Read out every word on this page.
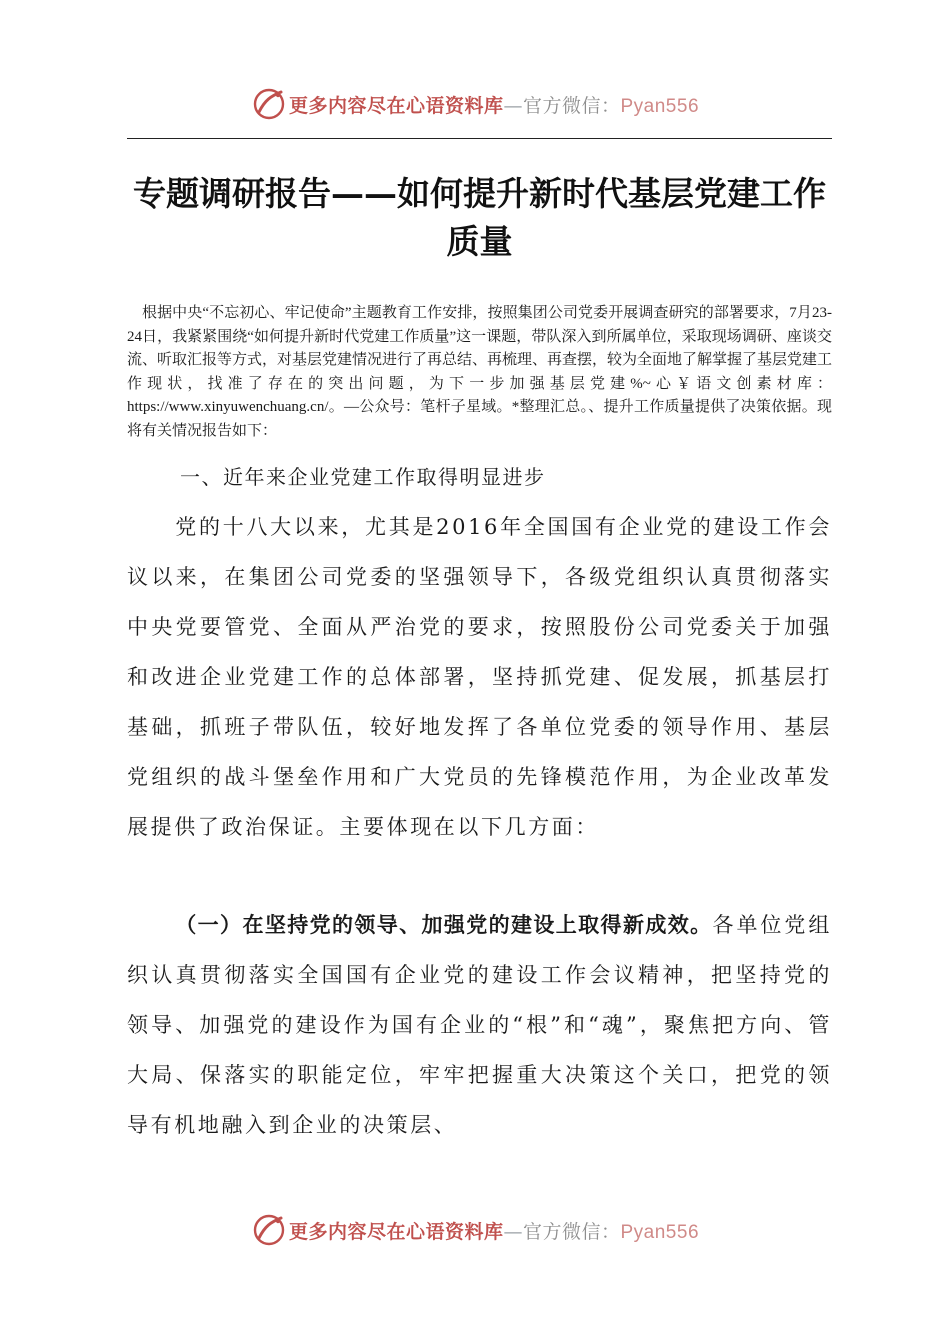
更多内容尽在心语资料库—官方微信：Pyan556
专题调研报告——如何提升新时代基层党建工作质量
根据中央“不忘初心、牢记使命”主题教育工作安排，按照集团公司党委开展调查研究的部署要求，7月23-24日，我紧紧围绕“如何提升新时代党建工作质量”这一课题，带队深入到所属单位，采取现场调研、座谈交流、听取汇报等方式，对基层党建情况进行了再总结、再梳理、再查摆，较为全面地了解掌握了基层党建工作现状，找准了存在的突出问题，为下一步加强基层党建%~心￥语文创素材库：https://www.xinyuwenchuang.cn/。—公众号：笔杆子星域。*整理汇总。、提升工作质量提供了决策依据。现将有关情况报告如下：
一、近年来企业党建工作取得明显进步
党的十八大以来，尤其是2016年全国国有企业党的建设工作会议以来，在集团公司党委的坚强领导下，各级党组织认真贯彻落实中央党要管党、全面从严治党的要求，按照股份公司党委关于加强和改进企业党建工作的总体部署，坚持抓党建、促发展，抓基层打基础，抓班子带队伍，较好地发挥了各单位党委的领导作用、基层党组织的战斗堡垒作用和广大党员的先锋模范作用，为企业改革发展提供了政治保证。主要体现在以下几方面：
（一）在坚持党的领导、加强党的建设上取得新成效。各单位党组织认真贯彻落实全国国有企业党的建设工作会议精神，把坚持党的领导、加强党的建设作为国有企业的“根”和“魂”，聚焦把方向、管大局、保落实的职能定位，牢牢把握重大决策这个关口，把党的领导有机地融入到企业的决策层、
更多内容尽在心语资料库—官方微信：Pyan556
